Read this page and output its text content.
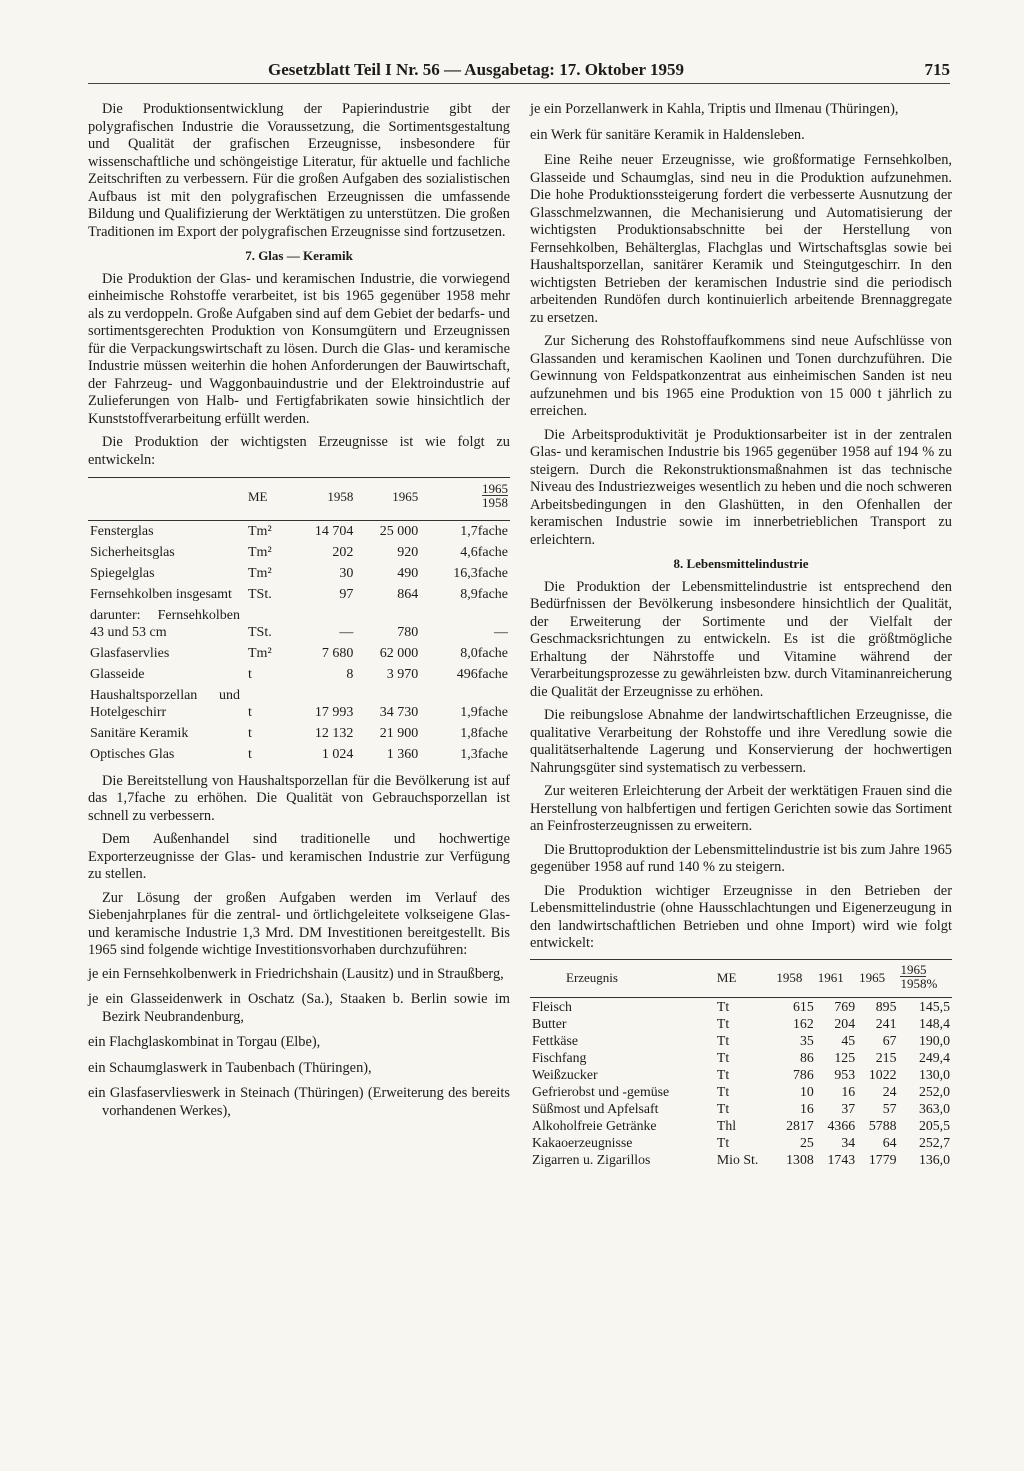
Gesetzblatt Teil I Nr. 56 — Ausgabetag: 17. Oktober 1959	715

Die Produktionsentwicklung der Papierindustrie gibt der polygrafischen Industrie die Voraussetzung, die Sortimentsgestaltung und Qualität der grafischen Erzeugnisse, insbesondere für wissenschaftliche und schöngeistige Literatur, für aktuelle und fachliche Zeitschriften zu verbessern. Für die großen Aufgaben des sozialistischen Aufbaus ist mit den polygrafischen Erzeugnissen die umfassende Bildung und Qualifizierung der Werktätigen zu unterstützen. Die großen Traditionen im Export der polygrafischen Erzeugnisse sind fortzusetzen.

7. Glas — Keramik

Die Produktion der Glas- und keramischen Industrie, die vorwiegend einheimische Rohstoffe verarbeitet, ist bis 1965 gegenüber 1958 mehr als zu verdoppeln. Große Aufgaben sind auf dem Gebiet der bedarfs- und sortimentsgerechten Produktion von Konsumgütern und Erzeugnissen für die Verpackungswirtschaft zu lösen. Durch die Glas- und keramische Industrie müssen weiterhin die hohen Anforderungen der Bauwirtschaft, der Fahrzeug- und Waggonbauindustrie und der Elektroindustrie auf Zulieferungen von Halb- und Fertigfabrikaten sowie hinsichtlich der Kunststoffverarbeitung erfüllt werden.

Die Produktion der wichtigsten Erzeugnisse ist wie folgt zu entwickeln:

	ME	1958	1965	$\frac{1965}{1958}$

Fensterglas	Tm²	14 704	25 000	1,7fache
Sicherheitsglas	Tm²	202	920	4,6fache
Spiegelglas	Tm²	30	490	16,3fache
Fernsehkolben insgesamt	TSt.	97	864	8,9fache
darunter: Fernsehkolben 43 und 53 cm	TSt.	—	780	—
Glasfaservlies	Tm²	7 680	62 000	8,0fache
Glasseide	t	8	3 970	496fache
Haushaltsporzellan und Hotelgeschirr	t	17 993	34 730	1,9fache
Sanitäre Keramik	t	12 132	21 900	1,8fache
Optisches Glas	t	1 024	1 360	1,3fache

Die Bereitstellung von Haushaltsporzellan für die Bevölkerung ist auf das 1,7fache zu erhöhen. Die Qualität von Gebrauchsporzellan ist schnell zu verbessern.

Dem Außenhandel sind traditionelle und hochwertige Exporterzeugnisse der Glas- und keramischen Industrie zur Verfügung zu stellen.

Zur Lösung der großen Aufgaben werden im Verlauf des Siebenjahrplanes für die zentral- und örtlichgeleitete volkseigene Glas- und keramische Industrie 1,3 Mrd. DM Investitionen bereitgestellt. Bis 1965 sind folgende wichtige Investitionsvorhaben durchzuführen:

je ein Fernsehkolbenwerk in Friedrichshain (Lausitz) und in Straußberg,

je ein Glasseidenwerk in Oschatz (Sa.), Staaken b. Berlin sowie im Bezirk Neubrandenburg,

ein Flachglaskombinat in Torgau (Elbe),

ein Schaumglaswerk in Taubenbach (Thüringen),

ein Glasfaservlieswerk in Steinach (Thüringen) (Erweiterung des bereits vorhandenen Werkes),

je ein Porzellanwerk in Kahla, Triptis und Ilmenau (Thüringen),

ein Werk für sanitäre Keramik in Haldensleben.

Eine Reihe neuer Erzeugnisse, wie großformatige Fernsehkolben, Glasseide und Schaumglas, sind neu in die Produktion aufzunehmen. Die hohe Produktionssteigerung fordert die verbesserte Ausnutzung der Glasschmelzwannen, die Mechanisierung und Automatisierung der wichtigsten Produktionsabschnitte bei der Herstellung von Fernsehkolben, Behälterglas, Flachglas und Wirtschaftsglas sowie bei Haushaltsporzellan, sanitärer Keramik und Steingutgeschirr. In den wichtigsten Betrieben der keramischen Industrie sind die periodisch arbeitenden Rundöfen durch kontinuierlich arbeitende Brennaggregate zu ersetzen.

Zur Sicherung des Rohstoffaufkommens sind neue Aufschlüsse von Glassanden und keramischen Kaolinen und Tonen durchzuführen. Die Gewinnung von Feldspatkonzentrat aus einheimischen Sanden ist neu aufzunehmen und bis 1965 eine Produktion von 15 000 t jährlich zu erreichen.

Die Arbeitsproduktivität je Produktionsarbeiter ist in der zentralen Glas- und keramischen Industrie bis 1965 gegenüber 1958 auf 194 % zu steigern. Durch die Rekonstruktionsmaßnahmen ist das technische Niveau des Industriezweiges wesentlich zu heben und die noch schweren Arbeitsbedingungen in den Glashütten, in den Ofenhallen der keramischen Industrie sowie im innerbetrieblichen Transport zu erleichtern.

8. Lebensmittelindustrie

Die Produktion der Lebensmittelindustrie ist entsprechend den Bedürfnissen der Bevölkerung insbesondere hinsichtlich der Qualität, der Erweiterung der Sortimente und der Vielfalt der Geschmacksrichtungen zu entwickeln. Es ist die größtmögliche Erhaltung der Nährstoffe und Vitamine während der Verarbeitungsprozesse zu gewährleisten bzw. durch Vitaminanreicherung die Qualität der Erzeugnisse zu erhöhen.

Die reibungslose Abnahme der landwirtschaftlichen Erzeugnisse, die qualitative Verarbeitung der Rohstoffe und ihre Veredlung sowie die qualitätserhaltende Lagerung und Konservierung der hochwertigen Nahrungsgüter sind systematisch zu verbessern.

Zur weiteren Erleichterung der Arbeit der werktätigen Frauen sind die Herstellung von halbfertigen und fertigen Gerichten sowie das Sortiment an Feinfrosterzeugnissen zu erweitern.

Die Bruttoproduktion der Lebensmittelindustrie ist bis zum Jahre 1965 gegenüber 1958 auf rund 140 % zu steigern.

Die Produktion wichtiger Erzeugnisse in den Betrieben der Lebensmittelindustrie (ohne Hausschlachtungen und Eigenerzeugung in den landwirtschaftlichen Betrieben und ohne Import) wird wie folgt entwickelt:

Erzeugnis	ME	1958	1961	1965	$\frac{1965}{1958}$ %
Fleisch	Tt	615	769	895	145,5
Butter	Tt	162	204	241	148,4
Fettkäse	Tt	35	45	67	190,0
Fischfang	Tt	86	125	215	249,4
Weißzucker	Tt	786	953	1022	130,0
Gefrierobst und -gemüse	Tt	10	16	24	252,0
Süßmost und Apfelsaft	Tt	16	37	57	363,0
Alkoholfreie Getränke	Thl	2817	4366	5788	205,5
Kakaoerzeugnisse	Tt	25	34	64	252,7
Zigarren u. Zigarillos	Mio St.	1308	1743	1779	136,0
